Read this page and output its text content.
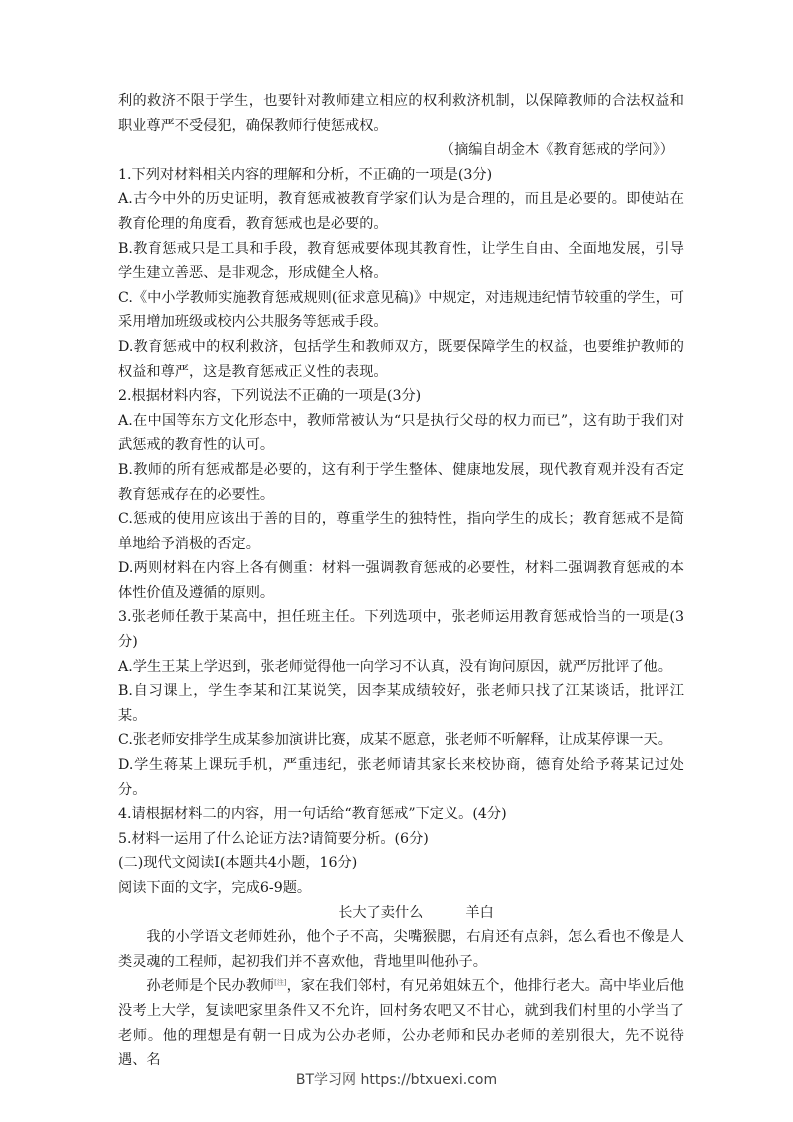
利的救济不限于学生，也要针对教师建立相应的权利救济机制，以保障教师的合法权益和职业尊严不受侵犯，确保教师行使惩戒权。

（摘编自胡金木《教育惩戒的学问》）

1.下列对材料相关内容的理解和分析，不正确的一项是(3分)

A.古今中外的历史证明，教育惩戒被教育学家们认为是合理的，而且是必要的。即使站在教育伦理的角度看，教育惩戒也是必要的。

B.教育惩戒只是工具和手段，教育惩戒要体现其教育性，让学生自由、全面地发展，引导学生建立善恶、是非观念，形成健全人格。

C.《中小学教师实施教育惩戒规则(征求意见稿)》中规定，对违规违纪情节较重的学生，可采用增加班级或校内公共服务等惩戒手段。

D.教育惩戒中的权利救济，包括学生和教师双方，既要保障学生的权益，也要维护教师的权益和尊严，这是教育惩戒正义性的表现。

2.根据材料内容，下列说法不正确的一项是(3分)

A.在中国等东方文化形态中，教师常被认为“只是执行父母的权力而已”，这有助于我们对武惩戒的教育性的认可。

B.教师的所有惩戒都是必要的，这有利于学生整体、健康地发展，现代教育观并没有否定教育惩戒存在的必要性。

C.惩戒的使用应该出于善的目的，尊重学生的独特性，指向学生的成长；教育惩戒不是简单地给予消极的否定。

D.两则材料在内容上各有侧重：材料一强调教育惩戒的必要性，材料二强调教育惩戒的本体性价值及遵循的原则。

3.张老师任教于某高中，担任班主任。下列选项中，张老师运用教育惩戒恰当的一项是(3分)

A.学生王某上学迟到，张老师觉得他一向学习不认真，没有询问原因，就严厉批评了他。

B.自习课上，学生李某和江某说笑，因李某成绩较好，张老师只找了江某谈话，批评江某。

C.张老师安排学生成某参加演讲比赛，成某不愿意，张老师不听解释，让成某停课一天。

D.学生蒋某上课玩手机，严重违纪，张老师请其家长来校协商，德育处给予蒋某记过处分。

4.请根据材料二的内容，用一句话给“教育惩戒”下定义。(4分)

5.材料一运用了什么论证方法?请简要分析。(6分)

(二)现代文阅读Ⅰ(本题共4小题，16分)

阅读下面的文字，完成6-9题。

长大了卖什么	羊白

我的小学语文老师姓孙，他个子不高，尖嘴猴腮，右肩还有点斜，怎么看也不像是人类灵魂的工程师，起初我们并不喜欢他，背地里叫他孙子。

孙老师是个民办教师[注]，家在我们邻村，有兄弟姐妹五个，他排行老大。高中毕业后他没考上大学，复读吧家里条件又不允许，回村务农吧又不甘心，就到我们村里的小学当了老师。他的理想是有朝一日成为公办老师，公办老师和民办老师的差别很大，先不说待遇、名

BT学习网 https://btxuexi.com
